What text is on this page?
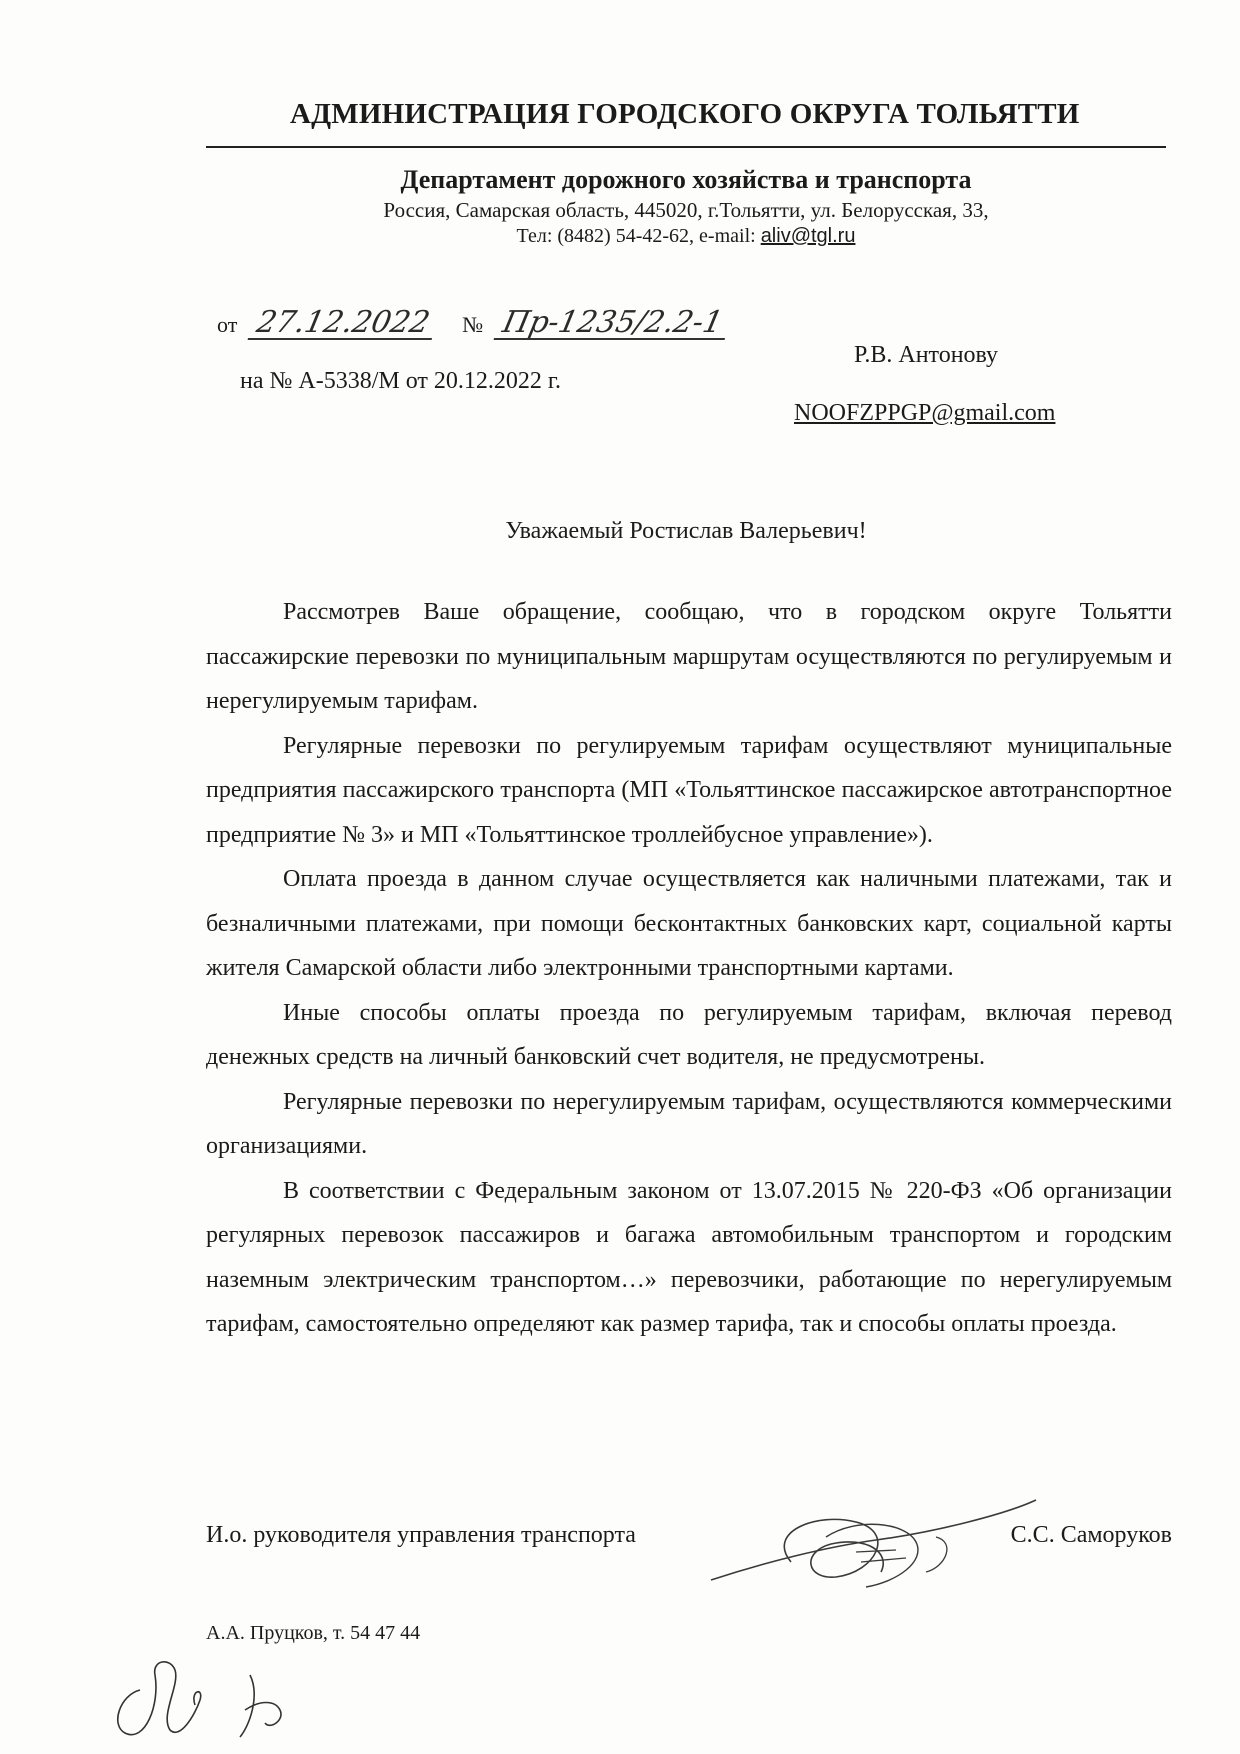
АДМИНИСТРАЦИЯ ГОРОДСКОГО ОКРУГА ТОЛЬЯТТИ
Департамент дорожного хозяйства и транспорта
Россия, Самарская область, 445020, г.Тольятти, ул. Белорусская, 33,
Тел: (8482) 54-42-62, e-mail: aliv@tgl.ru
от 27.12.2022 № Пр-1235/2.2-1
на № А-5338/М от 20.12.2022 г.
Р.В. Антонову
NOOFZPPGP@gmail.com
Уважаемый Ростислав Валерьевич!

Рассмотрев Ваше обращение, сообщаю, что в городском округе Тольятти пассажирские перевозки по муниципальным маршрутам осуществляются по регулируемым и нерегулируемым тарифам.

Регулярные перевозки по регулируемым тарифам осуществляют муниципальные предприятия пассажирского транспорта (МП «Тольяттинское пассажирское автотранспортное предприятие № 3» и МП «Тольяттинское троллейбусное управление»).

Оплата проезда в данном случае осуществляется как наличными платежами, так и безналичными платежами, при помощи бесконтактных банковских карт, социальной карты жителя Самарской области либо электронными транспортными картами.

Иные способы оплаты проезда по регулируемым тарифам, включая перевод денежных средств на личный банковский счет водителя, не предусмотрены.

Регулярные перевозки по нерегулируемым тарифам, осуществляются коммерческими организациями.

В соответствии с Федеральным законом от 13.07.2015 № 220-ФЗ «Об организации регулярных перевозок пассажиров и багажа автомобильным транспортом и городским наземным электрическим транспортом…» перевозчики, работающие по нерегулируемым тарифам, самостоятельно определяют как размер тарифа, так и способы оплаты проезда.

И.о. руководителя управления транспорта	С.С. Саморуков
А.А. Пруцков, т. 54 47 44
